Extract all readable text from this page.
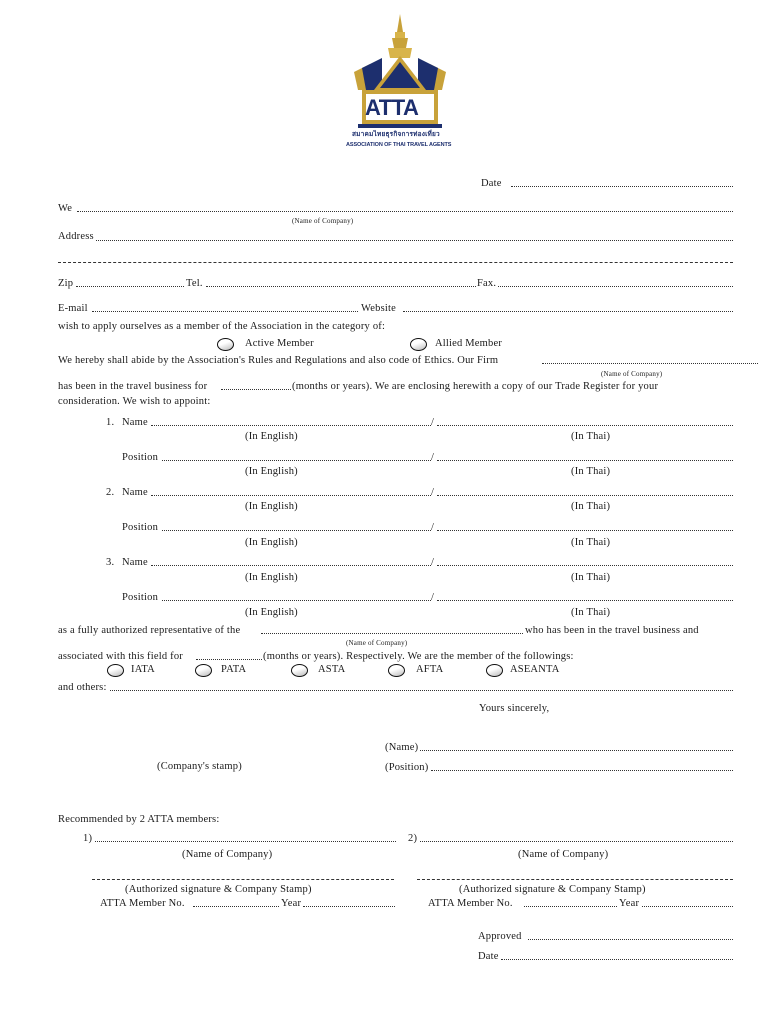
ATTA
สมาคมไทยธุรกิจการท่องเที่ยว
ASSOCIATION OF THAI TRAVEL AGENTS
Date
We
(Name of Company)
Address
Zip	Tel.	Fax.
E-mail	Website
wish to apply ourselves as a member of the Association in the category of:
Active Member	Allied Member
We hereby shall abide by the Association's Rules and Regulations and also code of Ethics. Our Firm
(Name of Company)
has been in the travel business for	(months or years). We are enclosing herewith a copy of our Trade Register for your
consideration. We wish to appoint:
1. Name	/
(In English)	(In Thai)
Position	/
(In English)	(In Thai)
2. Name	/
(In English)	(In Thai)
Position	/
(In English)	(In Thai)
3. Name	/
(In English)	(In Thai)
Position	/
(In English)	(In Thai)
as a fully authorized representative of the	who has been in the travel business and
(Name of Company)
associated with this field for	(months or years). Respectively. We are the member of the followings:
IATA	PATA	ASTA	AFTA	ASEANTA
and others:
Yours sincerely,
(Name)
(Company's stamp)	(Position)
Recommended by 2 ATTA members:
1)	2)
(Name of Company)	(Name of Company)
(Authorized signature & Company Stamp)	(Authorized signature & Company Stamp)
ATTA Member No.	Year	ATTA Member No.	Year
Approved
Date
